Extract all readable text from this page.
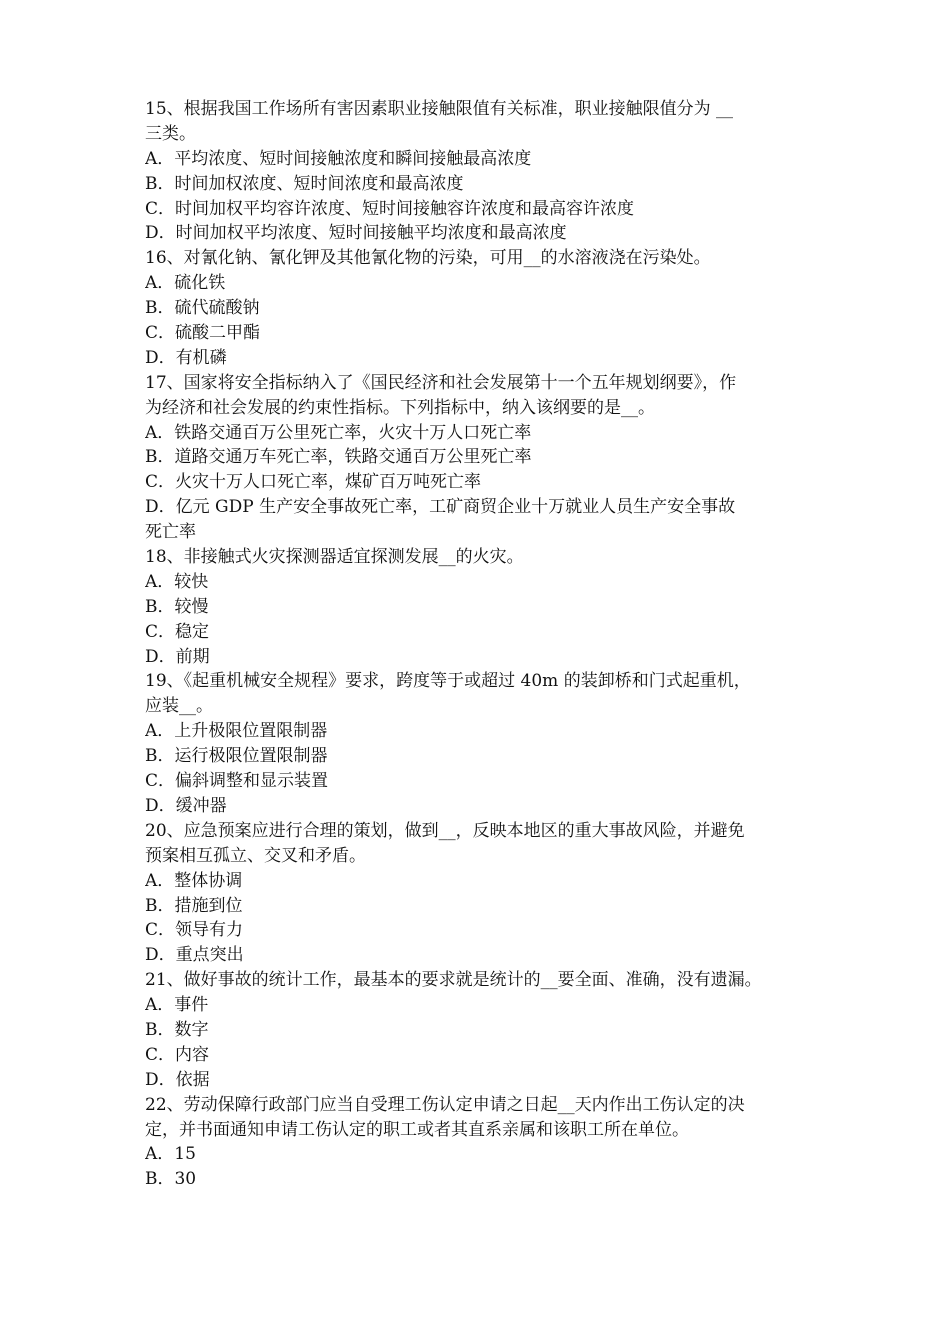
15、根据我国工作场所有害因素职业接触限值有关标准，职业接触限值分为 __
三类。
A．平均浓度、短时间接触浓度和瞬间接触最高浓度
B．时间加权浓度、短时间浓度和最高浓度
C．时间加权平均容许浓度、短时间接触容许浓度和最高容许浓度
D．时间加权平均浓度、短时间接触平均浓度和最高浓度
16、对氰化钠、氰化钾及其他氰化物的污染，可用__的水溶液浇在污染处。
A．硫化铁
B．硫代硫酸钠
C．硫酸二甲酯
D．有机磷
17、国家将安全指标纳入了《国民经济和社会发展第十一个五年规划纲要》，作
为经济和社会发展的约束性指标。下列指标中，纳入该纲要的是__。
A．铁路交通百万公里死亡率，火灾十万人口死亡率
B．道路交通万车死亡率，铁路交通百万公里死亡率
C．火灾十万人口死亡率，煤矿百万吨死亡率
D．亿元 GDP 生产安全事故死亡率，工矿商贸企业十万就业人员生产安全事故
死亡率
18、非接触式火灾探测器适宜探测发展__的火灾。
A．较快
B．较慢
C．稳定
D．前期
19、《起重机械安全规程》要求，跨度等于或超过 40m 的装卸桥和门式起重机，
应装__。
A．上升极限位置限制器
B．运行极限位置限制器
C．偏斜调整和显示装置
D．缓冲器
20、应急预案应进行合理的策划，做到__，反映本地区的重大事故风险，并避免
预案相互孤立、交叉和矛盾。
A．整体协调
B．措施到位
C．领导有力
D．重点突出
21、做好事故的统计工作，最基本的要求就是统计的__要全面、准确，没有遗漏。
A．事件
B．数字
C．内容
D．依据
22、劳动保障行政部门应当自受理工伤认定申请之日起__天内作出工伤认定的决
定，并书面通知申请工伤认定的职工或者其直系亲属和该职工所在单位。
A．15
B．30
